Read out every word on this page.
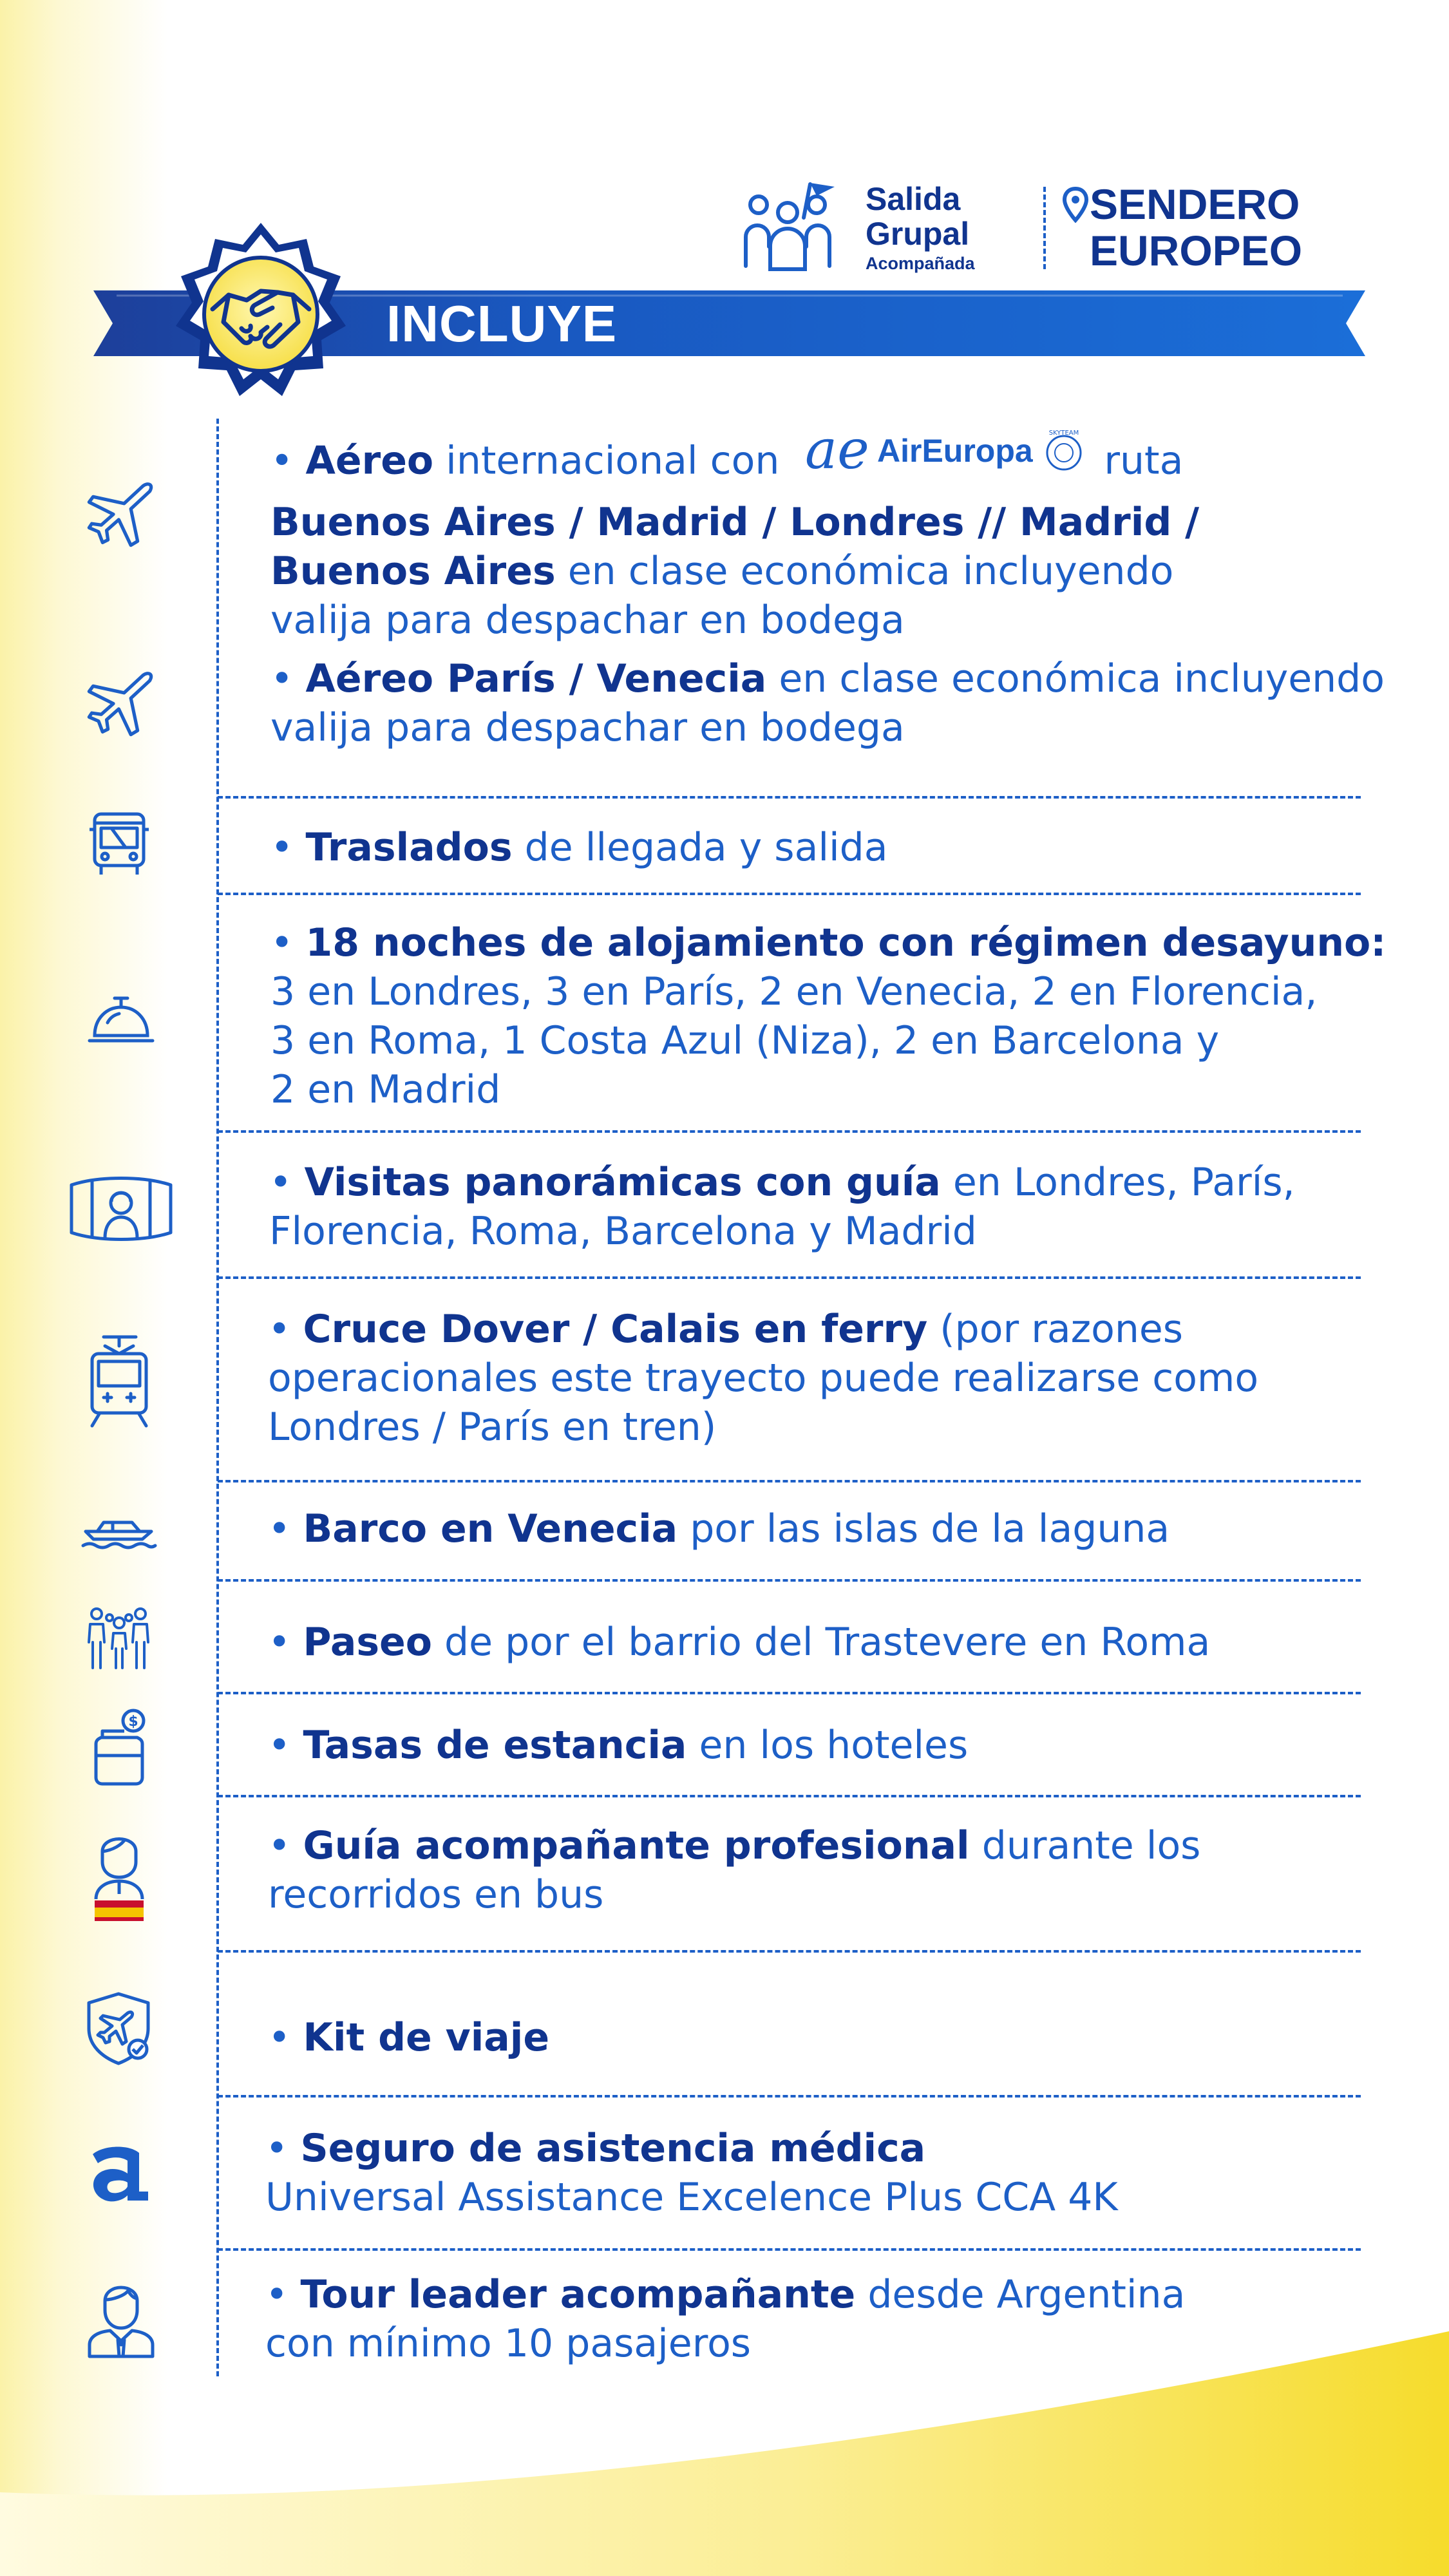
Salida
Grupal
Acompañada
SENDERO
EUROPEO
INCLUYE
$
• Aéreo internacional con ae AirEuropa	SKYTEAM
ruta
Buenos Aires / Madrid / Londres // Madrid /
Buenos Aires en clase económica incluyendo
valija para despachar en bodega
• Aéreo París / Venecia en clase económica incluyendo
valija para despachar en bodega
• Traslados de llegada y salida
• 18 noches de alojamiento con régimen desayuno:
3 en Londres, 3 en París, 2 en Venecia, 2 en Florencia,
3 en Roma, 1 Costa Azul (Niza), 2 en Barcelona y
2 en Madrid
• Visitas panorámicas con guía en Londres, París,
Florencia, Roma, Barcelona y Madrid
• Cruce Dover / Calais en ferry (por razones
operacionales este trayecto puede realizarse como
Londres / París en tren)
• Barco en Venecia por las islas de la laguna
• Paseo de por el barrio del Trastevere en Roma
• Tasas de estancia en los hoteles
• Guía acompañante profesional durante los
recorridos en bus
• Kit de viaje
• Seguro de asistencia médica
Universal Assistance Excelence Plus CCA 4K
• Tour leader acompañante desde Argentina
con mínimo 10 pasajeros
